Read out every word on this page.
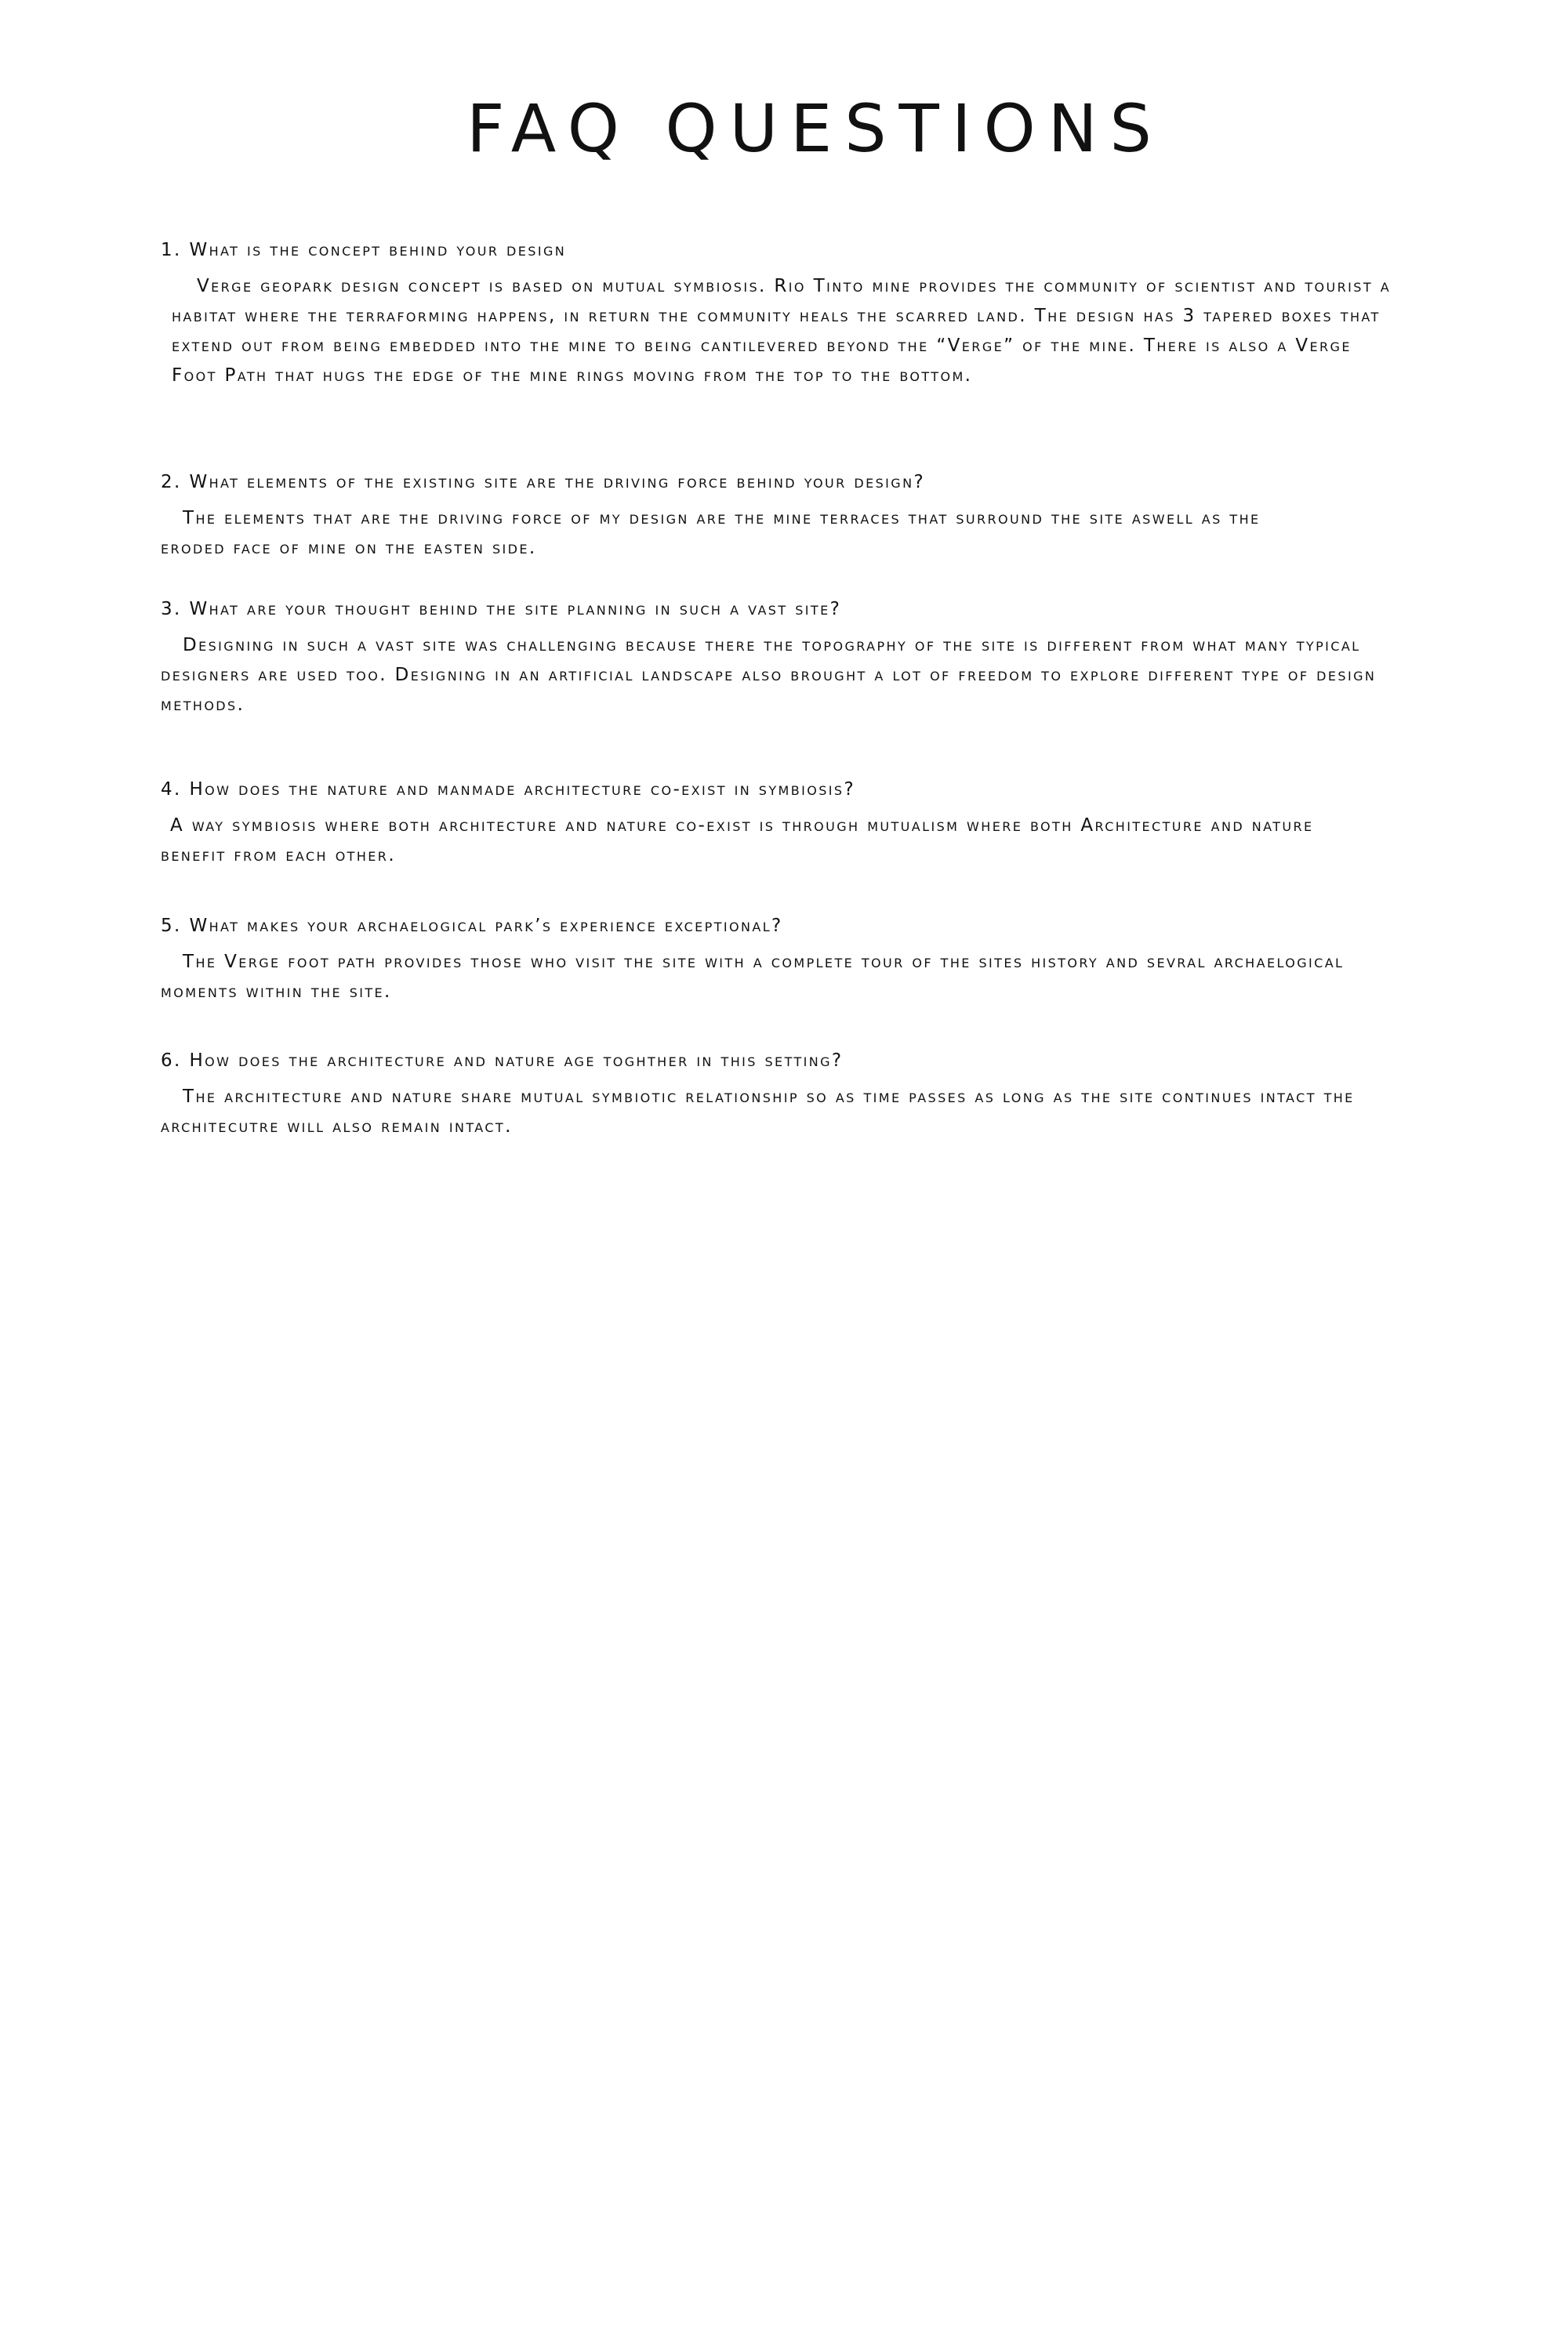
FAQ QUESTIONS
1. What is the concept behind your design
Verge geopark design concept is based on mutual symbiosis. Rio Tinto mine provides the community of scientist and tourist a habitat where the terraforming happens, in return the community heals the scarred land. The design has 3 tapered boxes that extend out from being embedded into the mine to being cantilevered beyond the “Verge” of the mine. There is also a Verge Foot Path that hugs the edge of the mine rings moving from the top to the bottom.
2. What elements of the existing site are the driving force behind your design?
The elements that are the driving force of my design are the mine terraces that surround the site aswell as the eroded face of mine on the easten side.
3. What are your thought behind the site planning in such a vast site?
Designing in such a vast site was challenging because there the topography of the site is different from what many typical designers are used too. Designing in an artificial landscape also brought a lot of freedom to explore different type of design methods.
4. How does the nature and manmade architecture co-exist in symbiosis?
A way symbiosis where both architecture and nature co-exist is through mutualism where both Architecture and nature benefit from each other.
5. What makes your archaelogical park’s experience exceptional?
The Verge foot path provides those who visit the site with a complete tour of the sites history and sevral archaelogical moments within the site.
6. How does the architecture and nature age toghther in this setting?
The architecture and nature share mutual symbiotic relationship so as time passes as long as the site continues intact the architecutre will also remain intact.
